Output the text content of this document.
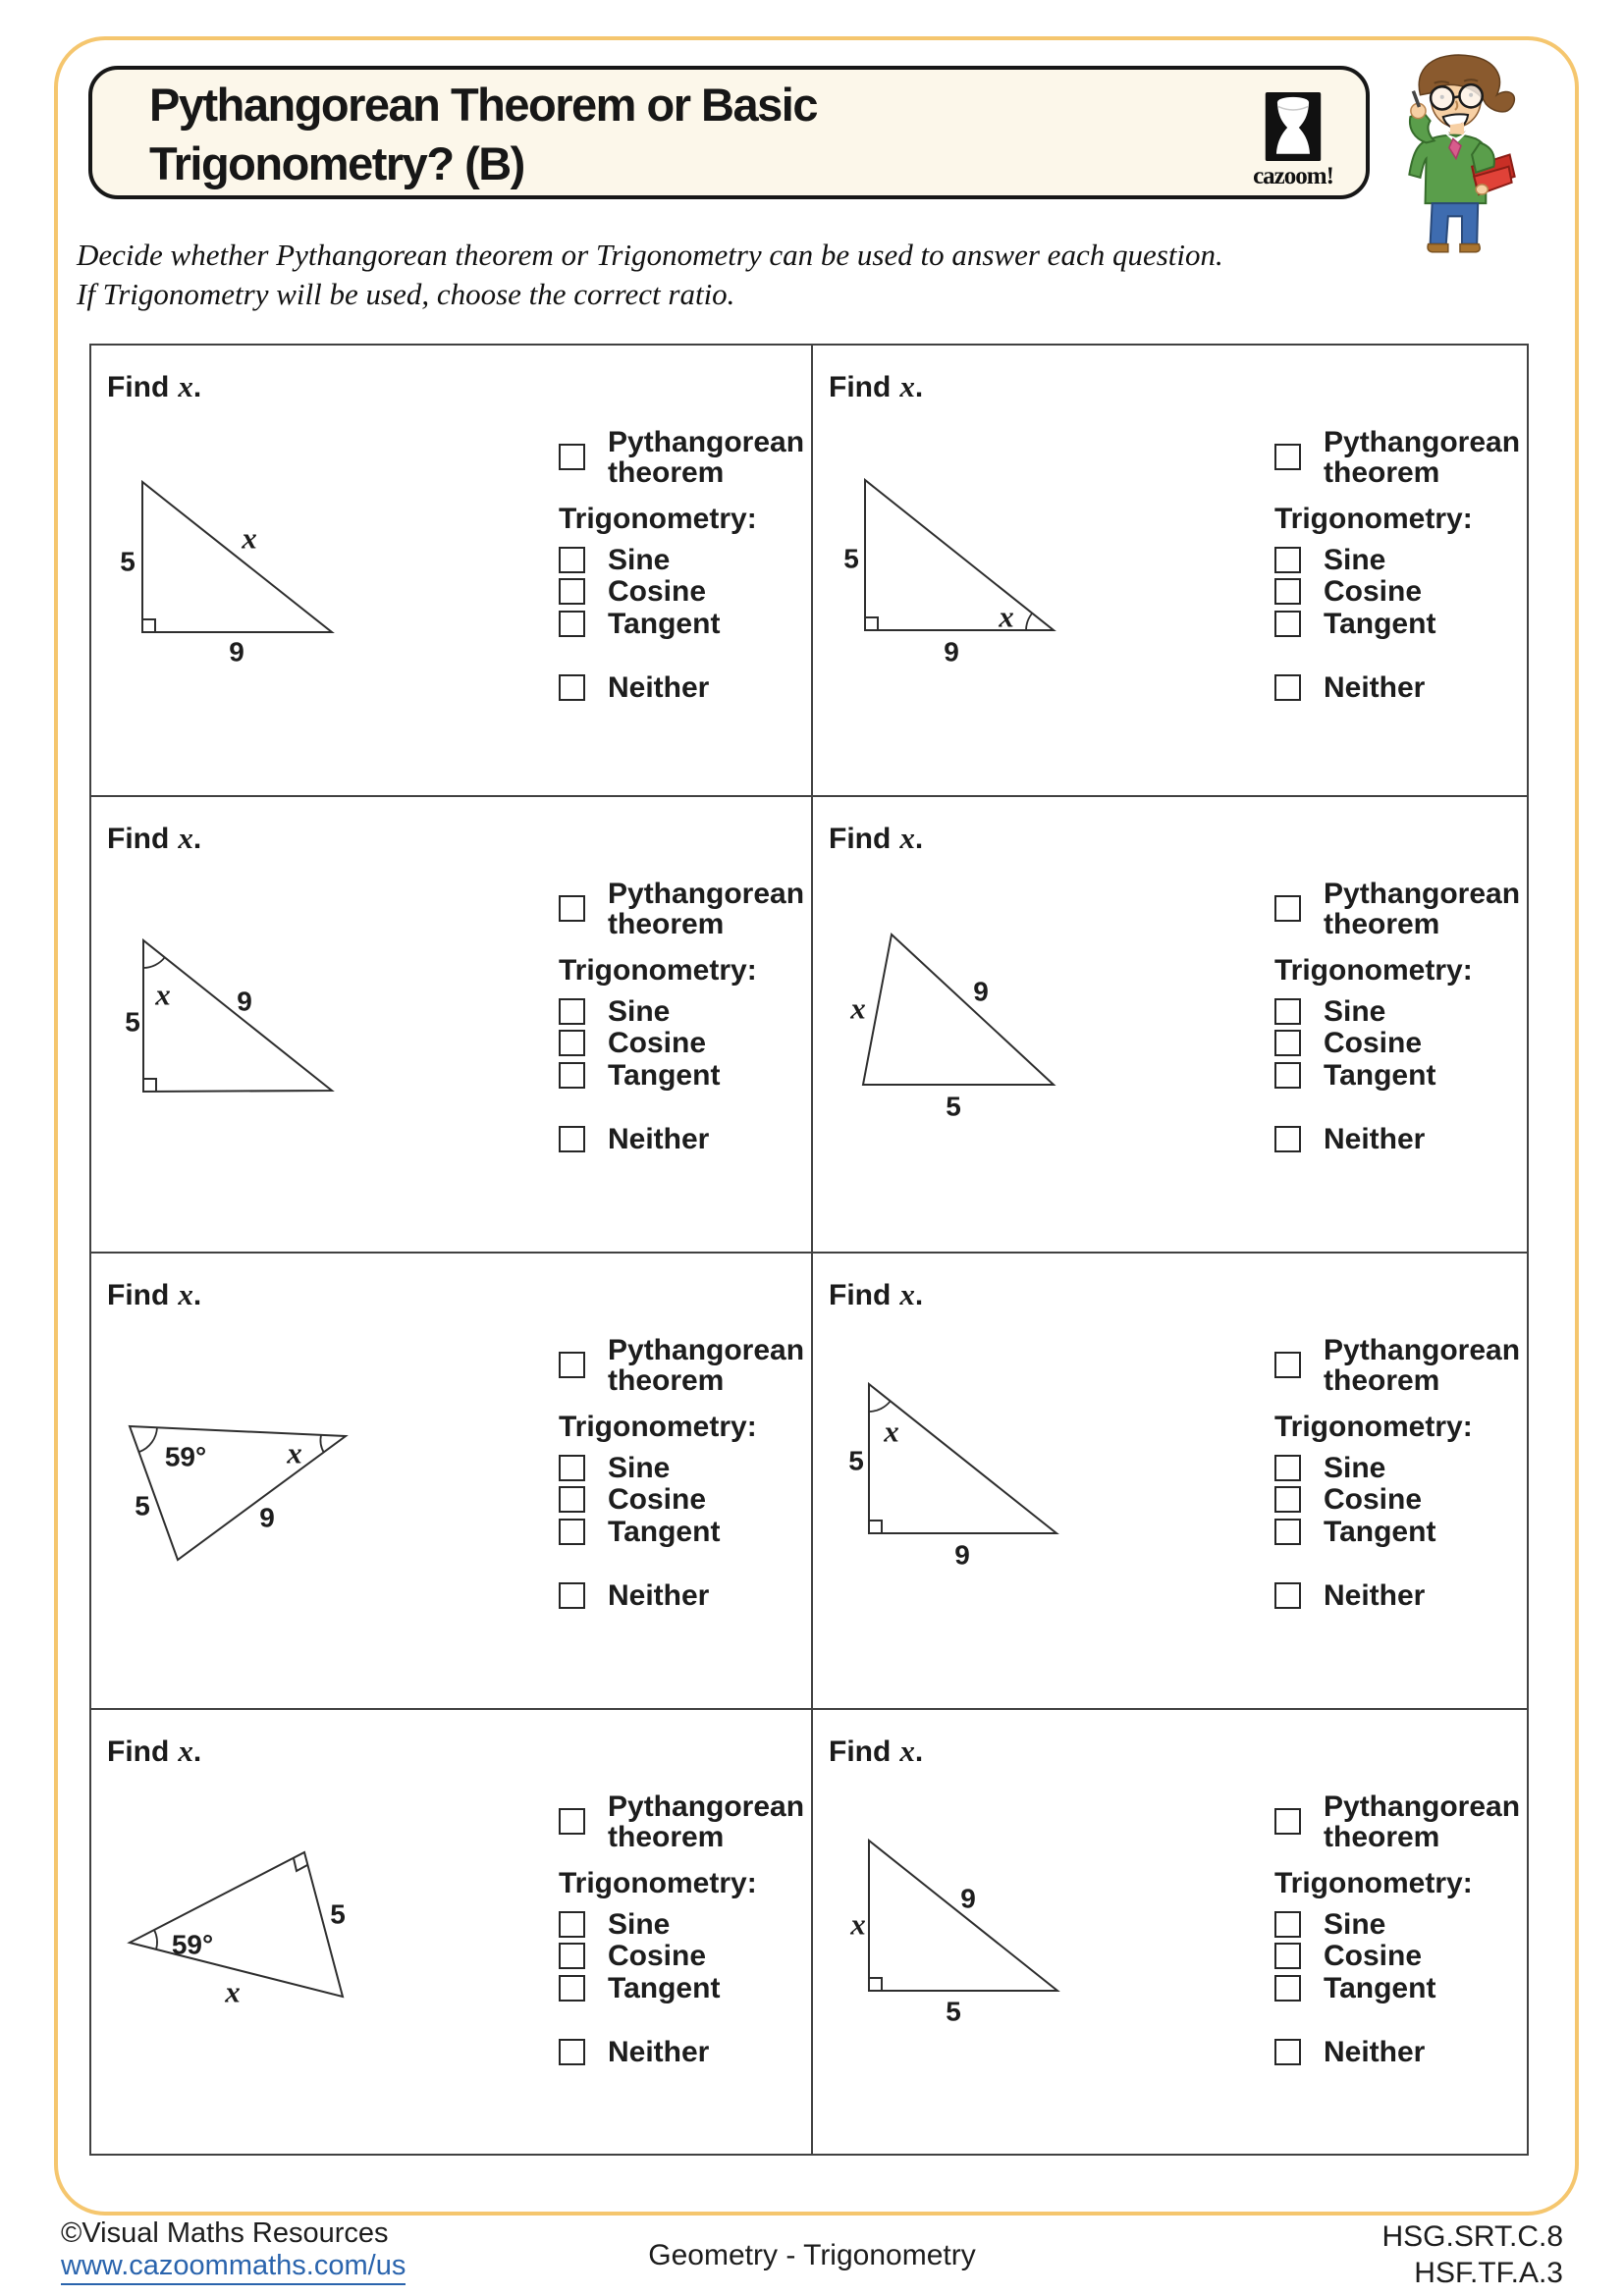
Pythangorean Theorem or Basic
Trigonometry? (B)	cazoom!
Decide whether Pythangorean theorem or Trigonometry can be used to answer each question.
If Trigonometry will be used, choose the correct ratio.
Find x.
5
x
9
Pythangorean
theorem
Trigonometry:
Sine
Cosine
Tangent
Neither
Find x.
5
x
9
Pythangorean
theorem
Trigonometry:
Sine
Cosine
Tangent
Neither
Find x.
x 9
5
Pythangorean
theorem
Trigonometry:
Sine
Cosine
Tangent
Neither
Find x.
x	9
5
Pythangorean
theorem
Trigonometry:
Sine
Cosine
Tangent
Neither
Find x.
59°	x
5	9
Pythangorean
theorem
Trigonometry:
Sine
Cosine
Tangent
Neither
Find x.
x
5
9
Pythangorean
theorem
Trigonometry:
Sine
Cosine
Tangent
Neither
Find x.
59°
5
x
Pythangorean
theorem
Trigonometry:
Sine
Cosine
Tangent
Neither
Find x.
x
9
5
Pythangorean
theorem
Trigonometry:
Sine
Cosine
Tangent
Neither
©Visual Maths Resources
www.cazoommaths.com/us	Geometry - Trigonometry
HSG.SRT.C.8
HSF.TF.A.3
